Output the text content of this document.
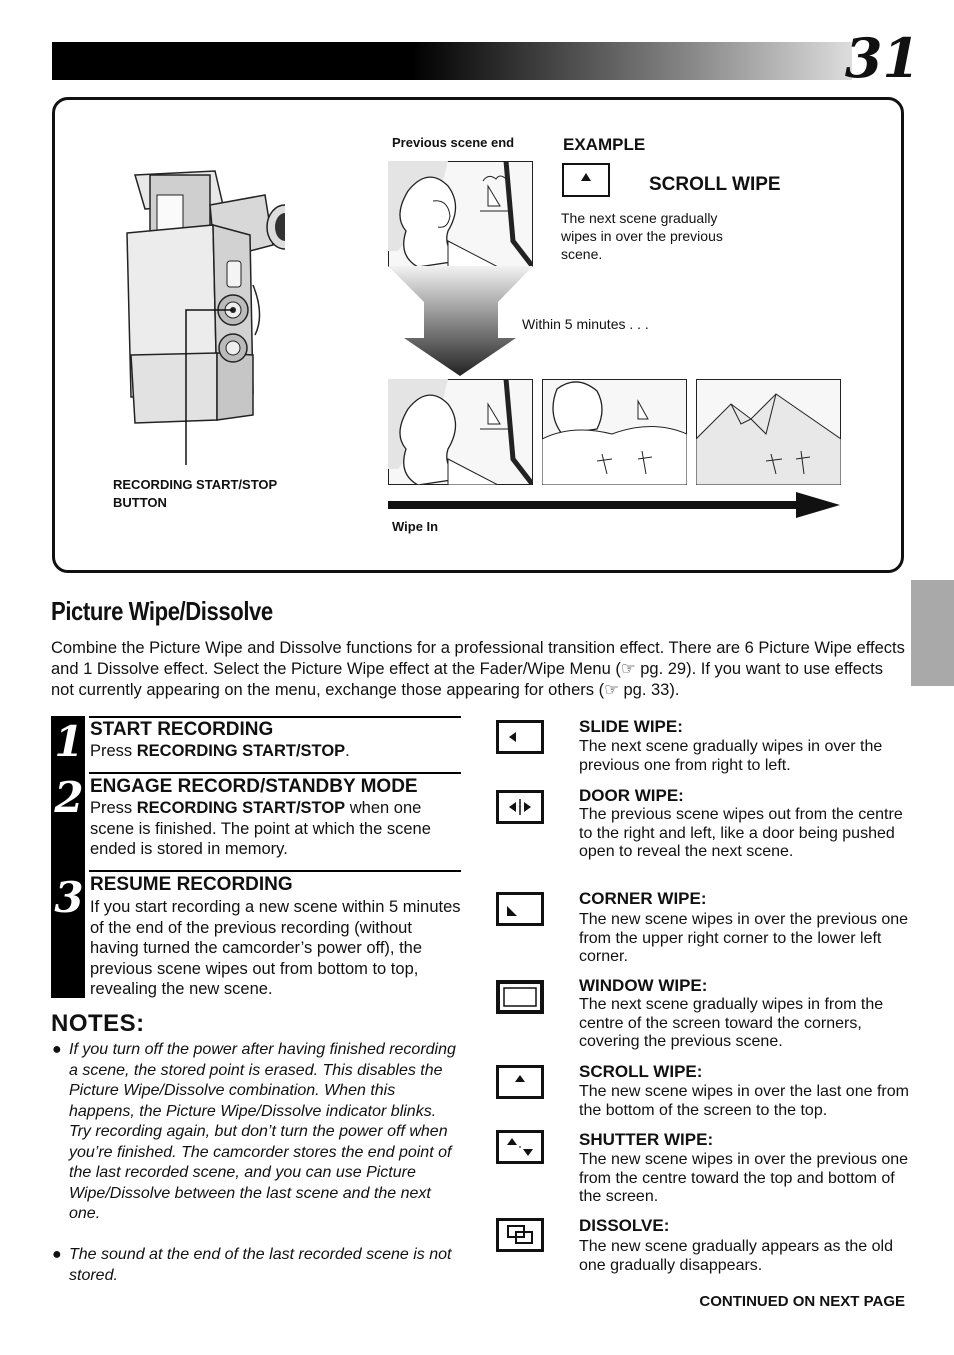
31
RECORDING START/STOP
BUTTON
Previous scene end	EXAMPLE
SCROLL WIPE
The next scene gradually wipes in over the previous scene.
Within 5 minutes . . .
Wipe In
Picture Wipe/Dissolve
Combine the Picture Wipe and Dissolve functions for a professional transition effect. There are 6 Picture Wipe effects and 1 Dissolve effect. Select the Picture Wipe effect at the Fader/Wipe Menu (☞ pg. 29). If you want to use effects not currently appearing on the menu, exchange those appearing for others (☞ pg. 33).
1 START RECORDING
Press RECORDING START/STOP.
2 ENGAGE RECORD/STANDBY MODE
Press RECORDING START/STOP when one scene is finished. The point at which the scene ended is stored in memory.
3 RESUME RECORDING
If you start recording a new scene within 5 minutes of the end of the previous recording (without having turned the camcorder’s power off), the previous scene wipes out from bottom to top, revealing the new scene.
NOTES:
● If you turn off the power after having finished recording a scene, the stored point is erased. This disables the Picture Wipe/Dissolve combination. When this happens, the Picture Wipe/Dissolve indicator blinks. Try recording again, but don’t turn the power off when you’re finished. The camcorder stores the end point of the last recorded scene, and you can use Picture Wipe/Dissolve between the last scene and the next one.
● The sound at the end of the last recorded scene is not stored.
SLIDE WIPE:
The next scene gradually wipes in over the previous one from right to left.
DOOR WIPE:
The previous scene wipes out from the centre to the right and left, like a door being pushed open to reveal the next scene.
CORNER WIPE:
The new scene wipes in over the previous one from the upper right corner to the lower left corner.
WINDOW WIPE:
The next scene gradually wipes in from the centre of the screen toward the corners, covering the previous scene.
SCROLL WIPE:
The new scene wipes in over the last one from the bottom of the screen to the top.
SHUTTER WIPE:
The new scene wipes in over the previous one from the centre toward the top and bottom of the screen.
DISSOLVE:
The new scene gradually appears as the old one gradually disappears.
CONTINUED ON NEXT PAGE
